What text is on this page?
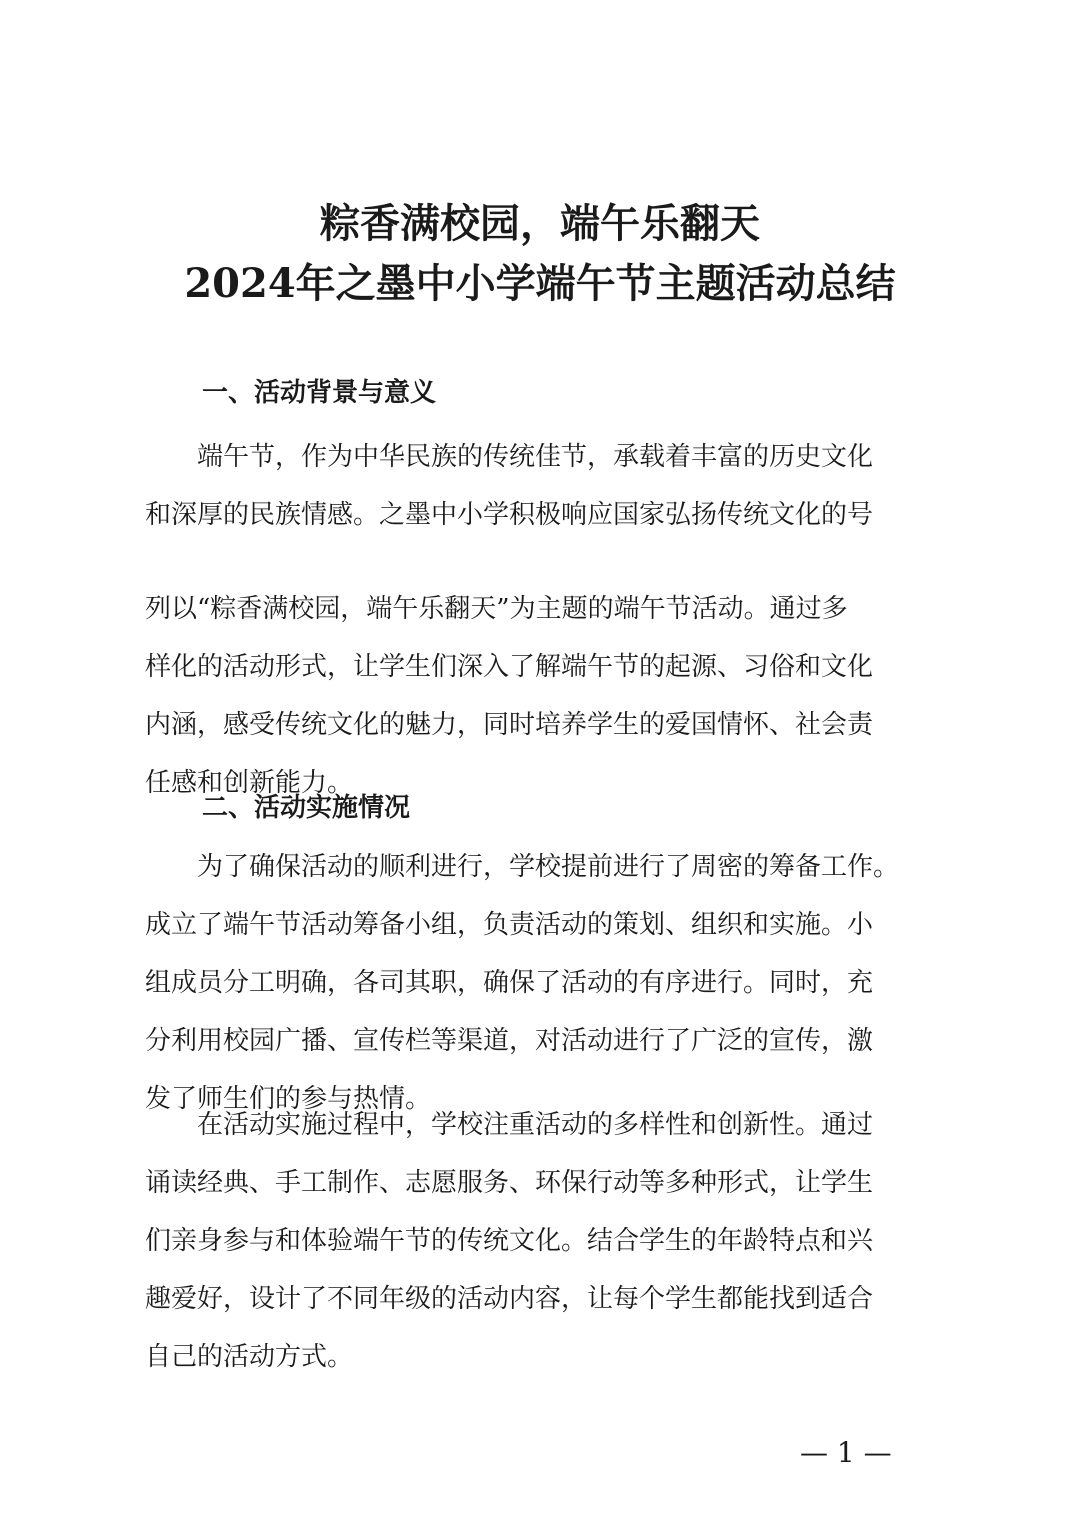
粽香满校园，端午乐翻天
2024年之墨中小学端午节主题活动总结
一、活动背景与意义

　　端午节，作为中华民族的传统佳节，承载着丰富的历史文化

和深厚的民族情感。之墨中小学积极响应国家弘扬传统文化的号

列以“粽香满校园，端午乐翻天”为主题的端午节活动。通过多

样化的活动形式，让学生们深入了解端午节的起源、习俗和文化

内涵，感受传统文化的魅力，同时培养学生的爱国情怀、社会责

任感和创新能力。

二、活动实施情况

　　为了确保活动的顺利进行，学校提前进行了周密的筹备工作。

成立了端午节活动筹备小组，负责活动的策划、组织和实施。小

组成员分工明确，各司其职，确保了活动的有序进行。同时，充

分利用校园广播、宣传栏等渠道，对活动进行了广泛的宣传，激

发了师生们的参与热情。

　　在活动实施过程中，学校注重活动的多样性和创新性。通过

诵读经典、手工制作、志愿服务、环保行动等多种形式，让学生

们亲身参与和体验端午节的传统文化。结合学生的年龄特点和兴

趣爱好，设计了不同年级的活动内容，让每个学生都能找到适合

自己的活动方式。

— 1 —
